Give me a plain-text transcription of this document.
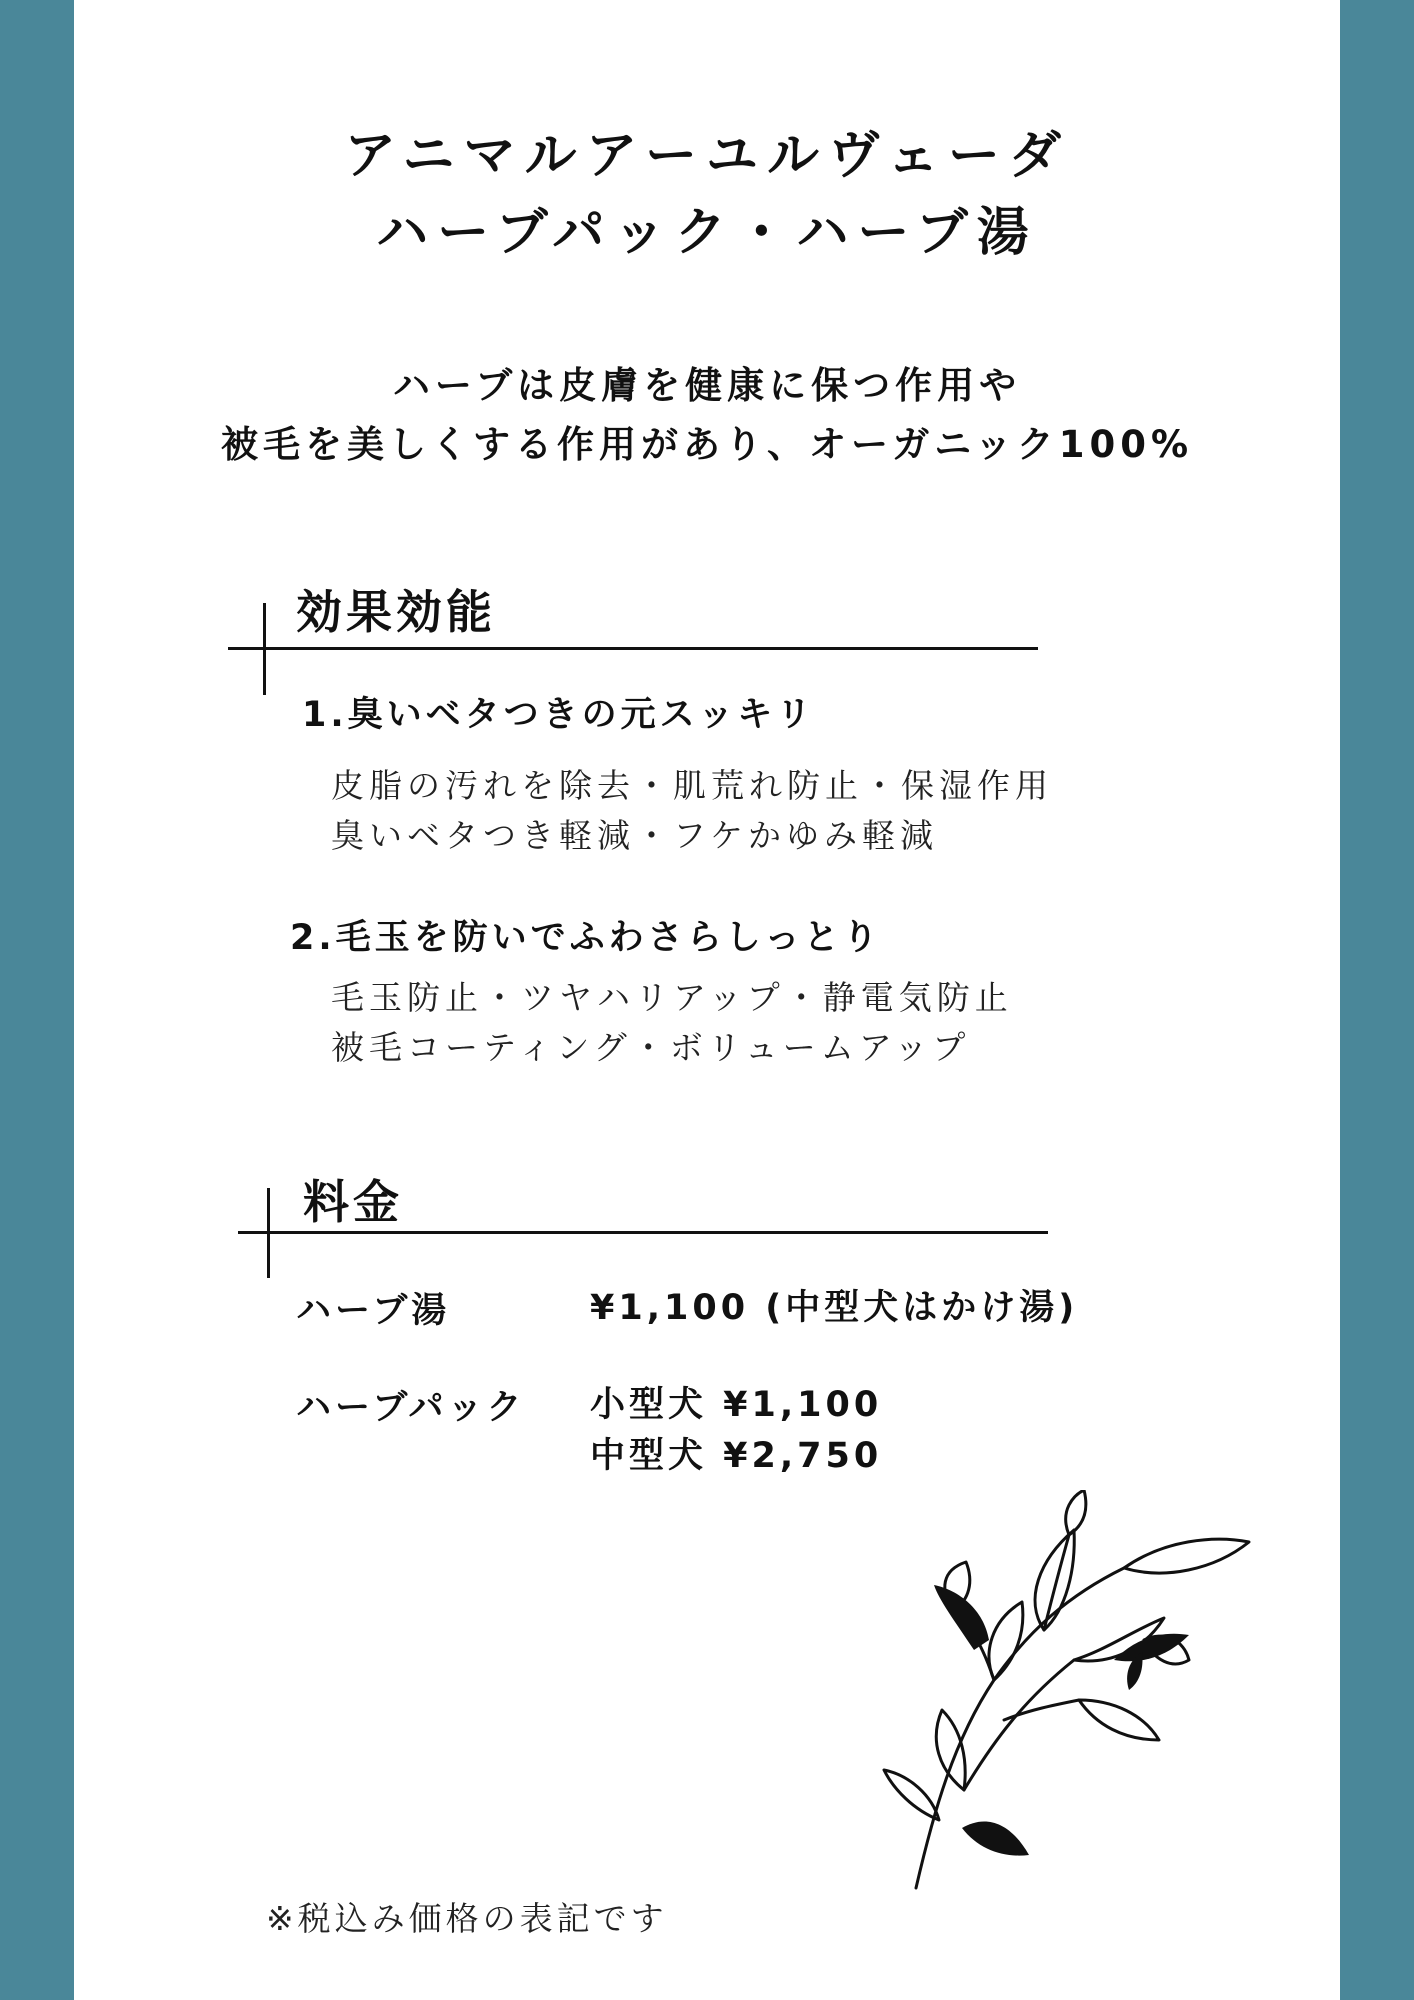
アニマルアーユルヴェーダ
ハーブパック・ハーブ湯

ハーブは皮膚を健康に保つ作用や
被毛を美しくする作用があり、オーガニック100%

効果効能
1.臭いベタつきの元スッキリ
皮脂の汚れを除去・肌荒れ防止・保湿作用
臭いベタつき軽減・フケかゆみ軽減
2.毛玉を防いでふわさらしっとり
毛玉防止・ツヤハリアップ・静電気防止
被毛コーティング・ボリュームアップ
料金
ハーブ湯	¥1,100 (中型犬はかけ湯)
ハーブパック 小型犬 ¥1,100
中型犬 ¥2,750
※税込み価格の表記です
